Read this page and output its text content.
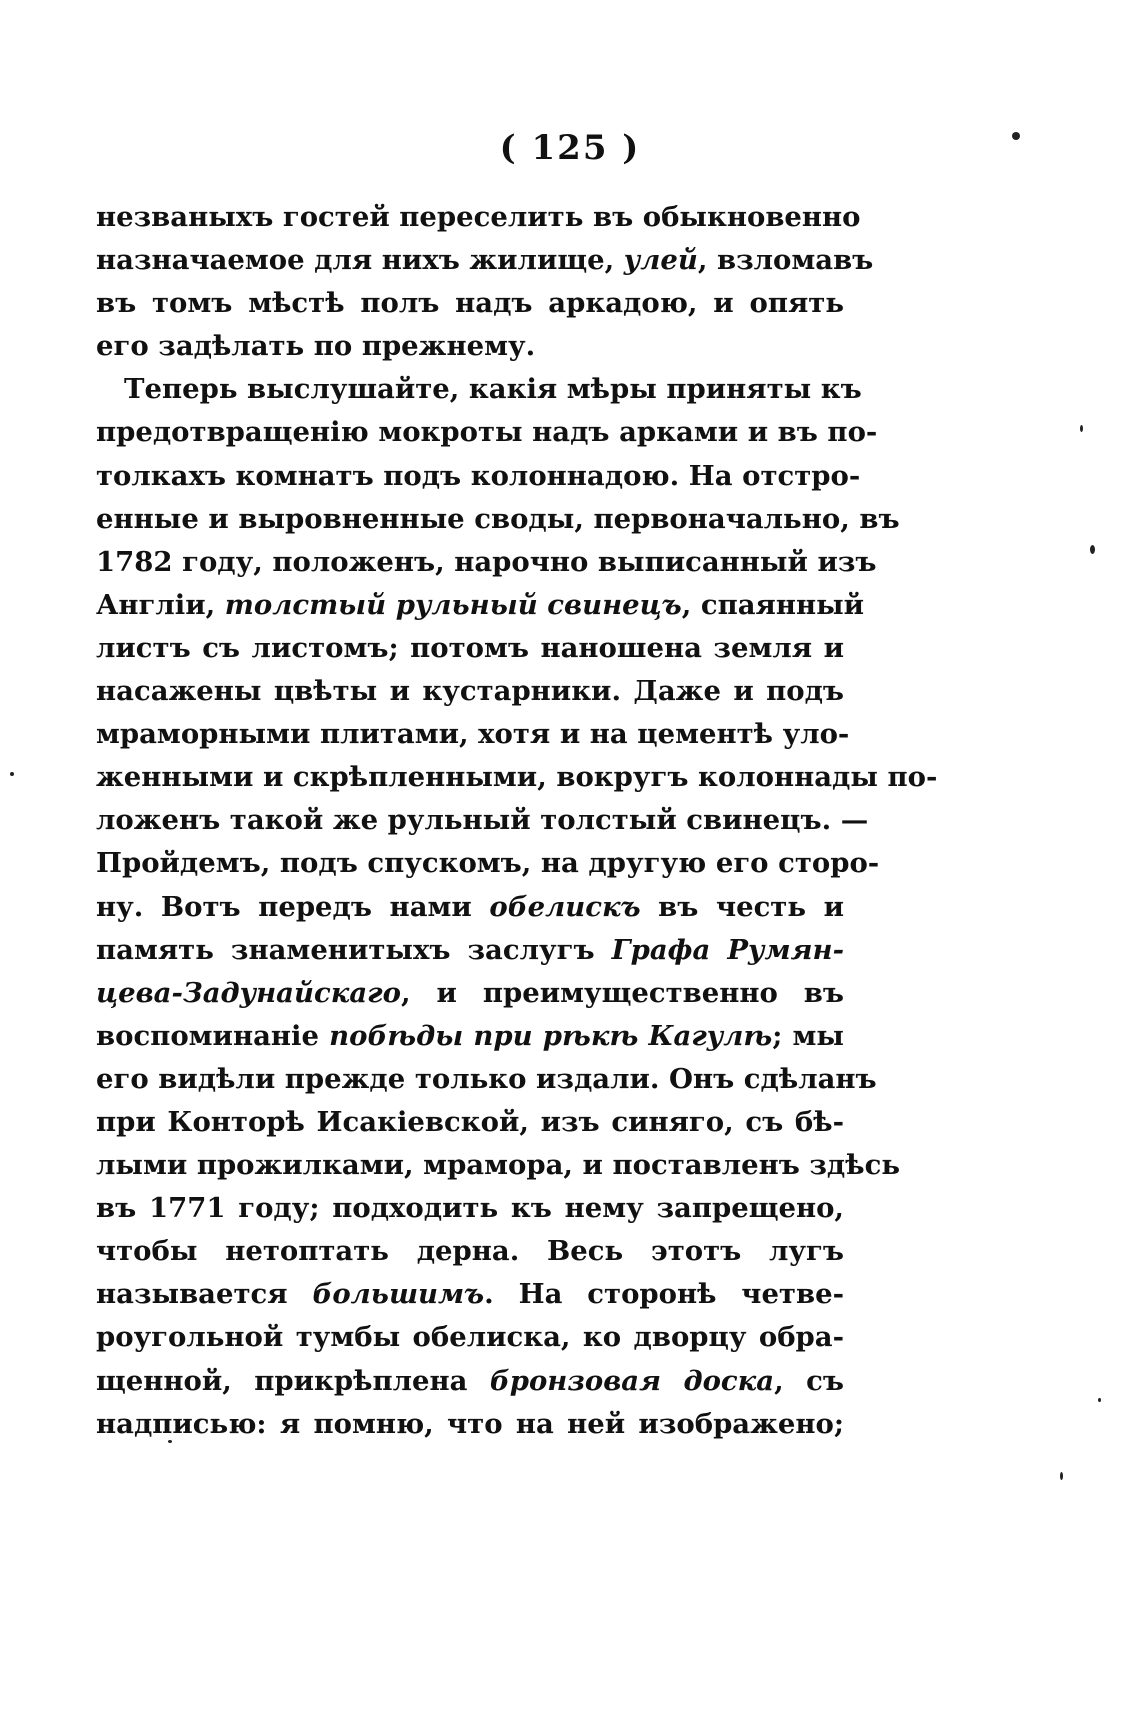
( 125 )
незваныхъ гостей переселить въ обыкновенно
назначаемое для нихъ жилище, улей, взломавъ
въ томъ мѣстѣ полъ надъ аркадою, и опять
его задѣлать по прежнему.
Теперь выслушайте, какія мѣры приняты къ
предотвращенію мокроты надъ арками и въ по-
толкахъ комнатъ подъ колоннадою. На отстро-
енные и выровненные своды, первоначально, въ
1782 году, положенъ, нарочно выписанный изъ
Англіи, толстый рульный свинецъ, спаянный
листъ съ листомъ; потомъ наношена земля и
насажены цвѣты и кустарники. Даже и подъ
мраморными плитами, хотя и на цементѣ уло-
женными и скрѣпленными, вокругъ колоннады по-
ложенъ такой же рульный толстый свинецъ. —
Пройдемъ, подъ спускомъ, на другую его сторо-
ну. Вотъ передъ нами обелискъ въ честь и
память знаменитыхъ заслугъ Графа Румян-
цева-Задунайскаго, и преимущественно въ
воспоминаніе побѣды при рѣкѣ Кагулѣ; мы
его видѣли прежде только издали. Онъ сдѣланъ
при Конторѣ Исакіевской, изъ синяго, съ бѣ-
лыми прожилками, мрамора, и поставленъ здѣсь
въ 1771 году; подходить къ нему запрещено,
чтобы нетоптать дерна. Весь этотъ лугъ
называется большимъ. На сторонѣ четве-
роугольной тумбы обелиска, ко дворцу обра-
щенной, прикрѣплена бронзовая доска, съ
надписью: я помню, что на ней изображено;
